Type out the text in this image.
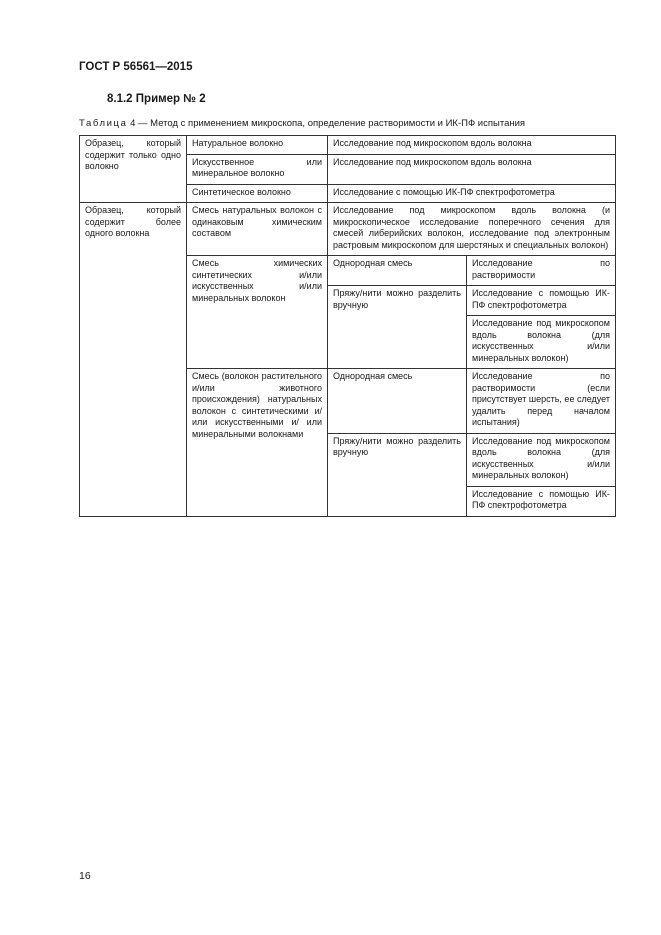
ГОСТ Р 56561—2015
8.1.2 Пример № 2
Таблица 4 — Метод с применением микроскопа, определение растворимости и ИК-ПФ испытания
Образец, который содержит только одно волокно	Натуральное волокно	Исследование под микроскопом вдоль волокна	
	Искусственное или минеральное волокно	Исследование под микроскопом вдоль волокна	
	Синтетическое волокно	Исследование с помощью ИК-ПФ спектрофотометра	
Образец, который содержит более одного волокна	Смесь натуральных волокон с одинаковым химическим составом	Исследование под микроскопом вдоль волокна (и микроскопическое исследование поперечного сечения для смесей либерийских волокон, исследование под электронным растровым микроскопом для шерстяных и специальных волокон)	
	Смесь химических синтетических и/или искусственных и/или минеральных волокон	Однородная смесь	Исследование по растворимости
		Пряжу/нити можно разделить вручную	Исследование с помощью ИК-ПФ спектрофотометра
			Исследование под микроскопом вдоль волокна (для искусственных и/или минеральных волокон)
	Смесь (волокон растительного и/или животного происхождения) натуральных волокон с синтетическими и/или искусственными и/ или минеральными волокнами	Однородная смесь	Исследование по растворимости (если присутствует шерсть, ее следует удалить перед началом испытания)
		Пряжу/нити можно разделить вручную	Исследование под микроскопом вдоль волокна (для искусственных и/или минеральных волокон)
			Исследование с помощью ИК-ПФ спектрофотометра

16
